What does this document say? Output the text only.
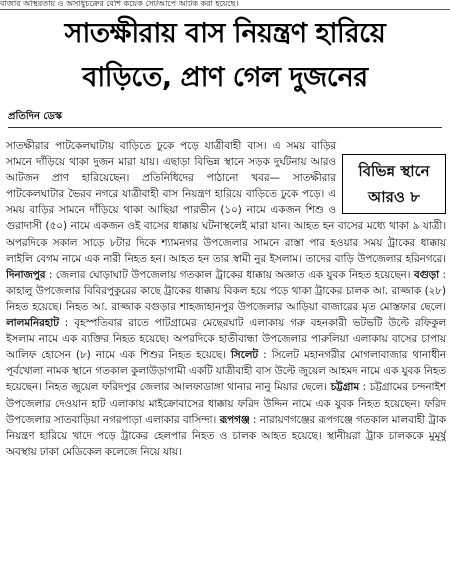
বাজার অস্থিরতায় ও অসাধুচক্রের বেশি কয়েক সেটআপে আটক করা হয়েছে।
সাতক্ষীরায় বাস নিয়ন্ত্রণ হারিয়ে
বাড়িতে, প্রাণ গেল দুজনের
প্রতিদিন ডেস্ক
বিভিন্ন স্থানে
আরও ৮

সাতক্ষীরার পাটকেলঘাটায় বাড়িতে ঢুকে পড়ে যাত্রীবাহী বাস। এ সময় বাড়ির সামনে দাঁড়িয়ে থাকা দুজন মারা যায়। এছাড়া বিভিন্ন স্থানে সড়ক দুর্ঘটনায় আরও আটজন প্রাণ হারিয়েছেন। প্রতিনিধিদের পাঠানো খবর— সাতক্ষীরার পাটকেলঘাটার ভৈরব নগরে যাত্রীবাহী বাস নিয়ন্ত্রণ হারিয়ে বাড়িতে ঢুকে পড়ে। এ সময় বাড়ির সামনে দাঁড়িয়ে থাকা আছিয়া পারভীন (১০) নামে একজন শিশু ও গুরাদাসী (৫০) নামে একজন ওই বাসের ধাক্কায় ঘটনাস্থলেই মারা যান। আহত হন বাসের মধ্যে থাকা ৯ যাত্রী। অপরদিকে সকাল সাড়ে ৮টার দিকে শ্যামনগর উপজেলার সামনে রাস্তা পার হওয়ার সময় ট্রাকের ধাক্কায় লাইলি বেগম নামে এক নারী নিহত হন। আহত হন তার স্বামী নুর ইসলাম। তাদের বাড়ি উপজেলার হরিনগরে। দিনাজপুর : জেলার ঘোড়াঘাট উপজেলায় গতকাল ট্রাকের ধাক্কায় অজ্ঞাত এক যুবক নিহত হয়েছেন। বগুড়া : কাহালু উপজেলার বিবিরপুকুরের কাছে ট্রাকের ধাক্কায় বিকল হয়ে পড়ে থাকা ট্রাকের চালক আ. রাজ্জাক (২৮) নিহত হয়েছে। নিহত আ. রাজ্জাক বগুড়ার শাহজাহানপুর উপজেলার আড়িয়া বাজারের মৃত মোস্তফার ছেলে। লালমনিরহাট : বৃহস্পতিবার রাতে পাটগ্রামের মেছেরঘাট এলাকায় গরু বহনকারী ভটভটি উল্টে রফিকুল ইসলাম নামে এক ব্যক্তির নিহত হয়েছে। অপরদিকে হাতীবান্ধা উপজেলার পারুলিয়া এলাকায় বাসের চাপায় আলিফ হোসেন (৮) নামে এক শিশুর নিহত হয়েছে। সিলেট : সিলেট মহানগরীর মোগলাবাজার থানাধীন পূর্বখোলা নামক স্থানে গতকাল কুলাউড়াগামী একটি যাত্রীবাহী বাস উল্টে জুয়েল আহমদ নামে এক যুবক নিহত হয়েছেন। নিহত জুয়েল ফরিদপুর জেলার আলফাডাঙ্গা থানার নানু মিয়ার ছেলে। চট্টগ্রাম : চট্টগ্রামের চন্দনাইশ উপজেলার দেওয়ান হাট এলাকায় মাইক্রোবাসের ধাক্কায় ফরিদ উদ্দিন নামে এক যুবক নিহত হয়েছেন। ফরিদ উপজেলার সাতবাড়িয়া নগরপাড়া এলাকার বাসিন্দা। রূপগঞ্জ : নারায়ণগঞ্জের রূপগঞ্জে গতকাল মালবাহী ট্রাক নিয়ন্ত্রণ হারিয়ে খাদে পড়ে ট্রাকের হেলপার নিহত ও চালক আহত হয়েছে। স্থানীয়রা ট্রাক চালককে মুমূর্ষু অবস্থায় ঢাকা মেডিকেল কলেজে নিয়ে যায়।
